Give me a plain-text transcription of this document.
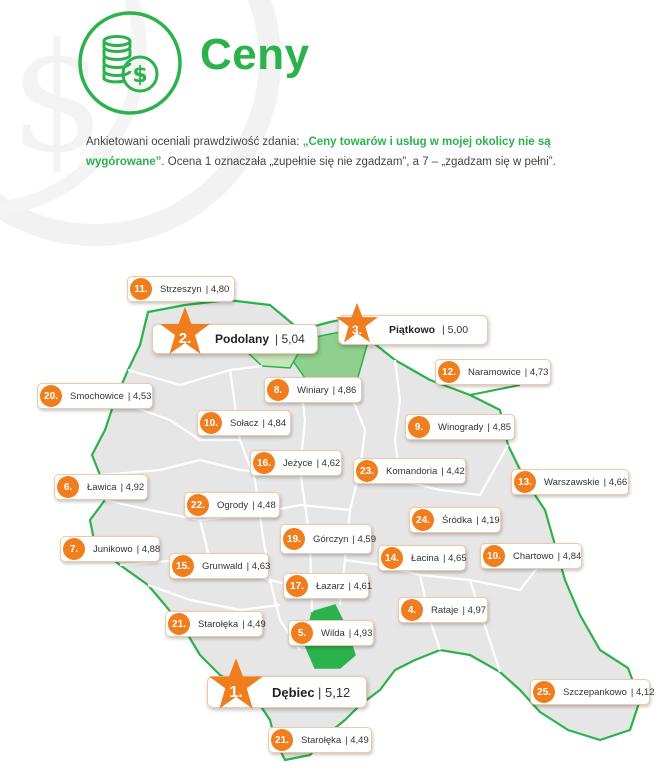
$ $ Ceny
Ankietowani oceniali prawdziwość zdania: „Ceny towarów i usług w mojej okolicy nie są wygórowane”. Ocena 1 oznaczała „zupełnie się nie zgadzam”, a 7 – „zgadzam się w pełni”.
2.	Podolany | 5,04
3.	Piątkowo | 5,00
1.	Dębiec | 5,12
11.	Strzeszyn | 4,80
12.	Naramowice | 4,73
20.	Smochowice | 4,53
8.	Winiary | 4,86
10.	Sołacz | 4,84	9.	Winogrady | 4,85
16.	Jeżyce | 4,62
23.	Komandoria | 4,42
13.	Warszawskie | 4,66
6.	Ławica | 4,92
22.	Ogrody | 4,48
24.	Śródka | 4,19
19.	Górczyn | 4,59
7.	Junikowo | 4,88
14.	Łacina | 4,65	10.	Chartowo | 4,84
15.	Grunwald | 4,63
17.	Łazarz | 4,61
4.	Rataje | 4,97
21.	Starołęka | 4,49
5.	Wilda | 4,93
25.	Szczepankowo | 4,12
21.	Starołęka | 4,49
